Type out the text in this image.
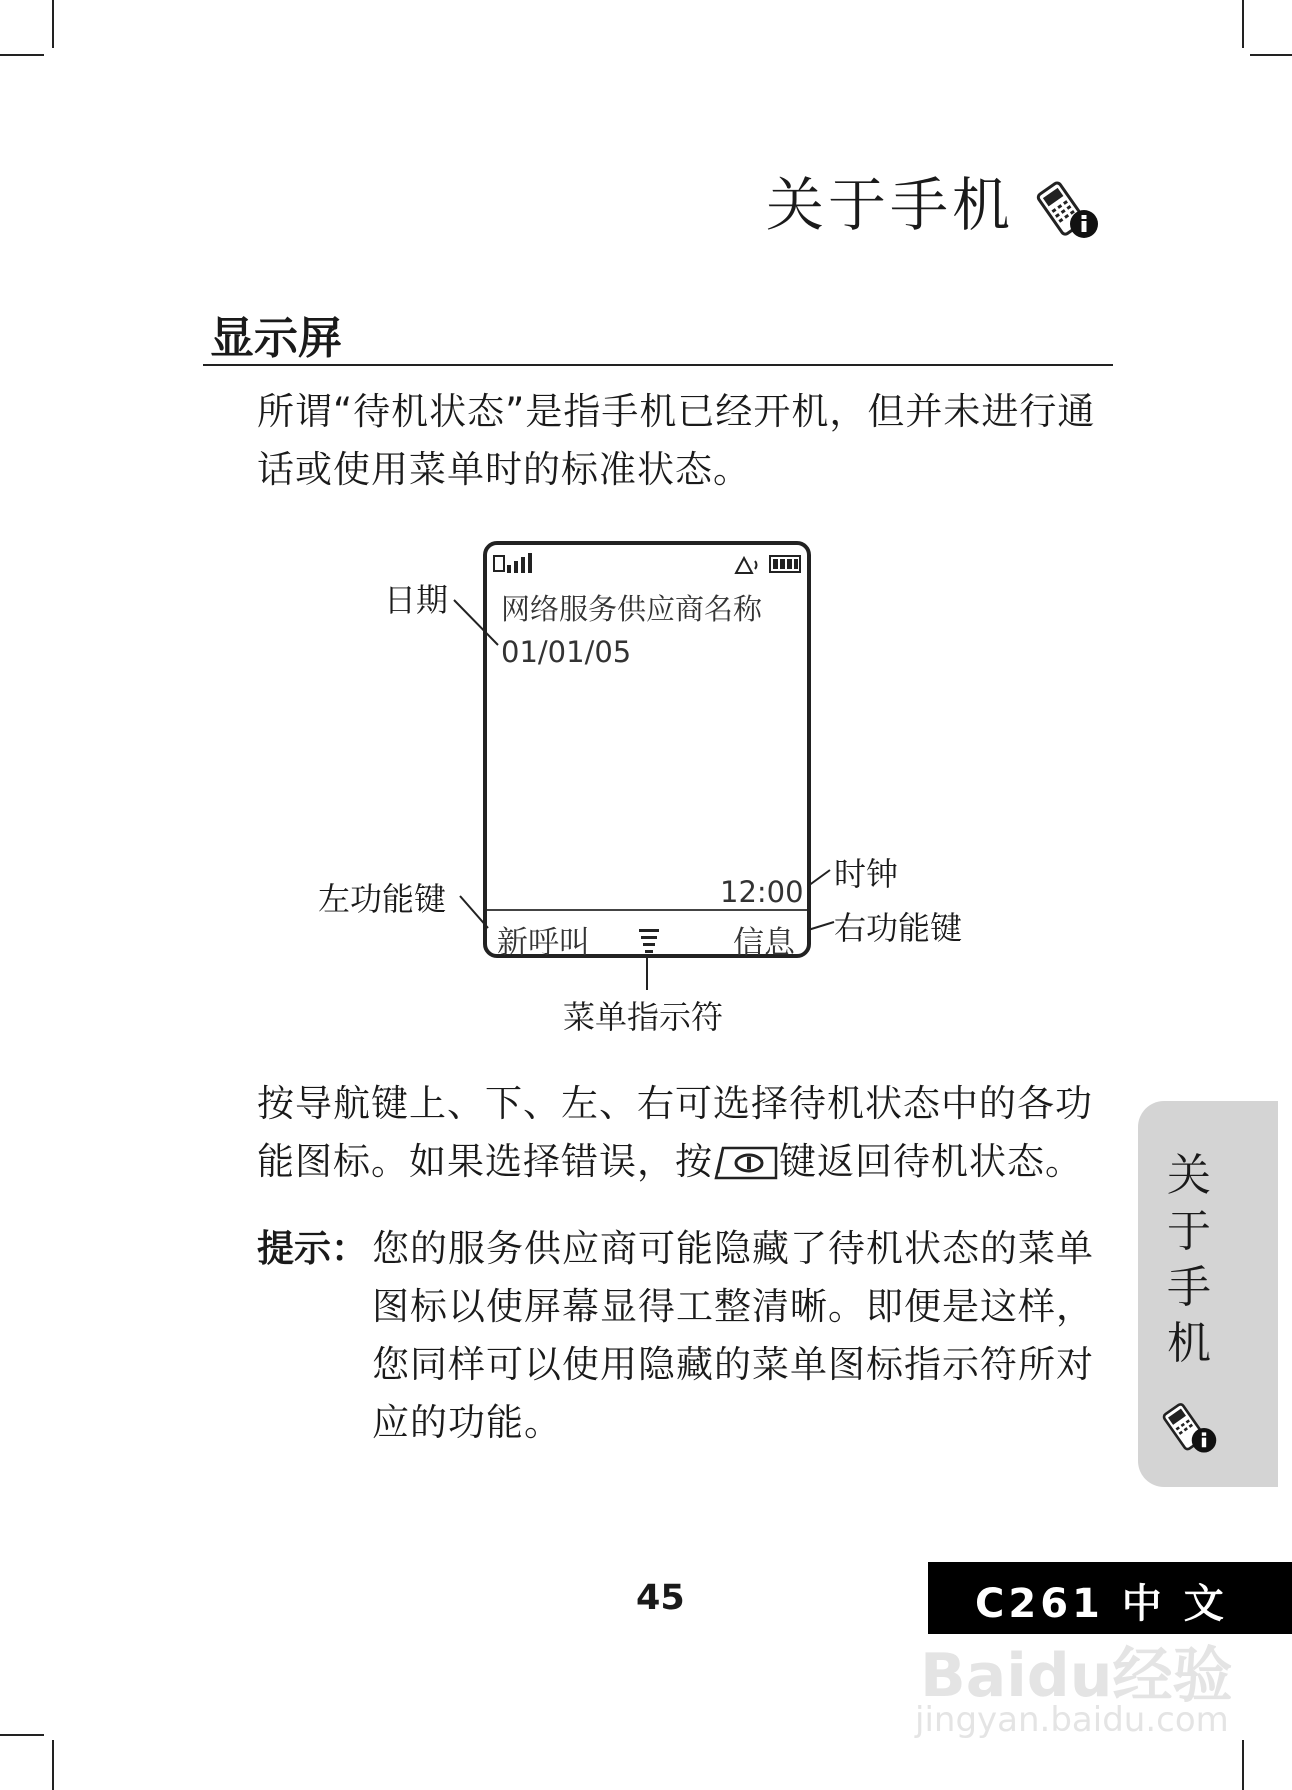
关于手机
显示屏
所谓“待机状态”是指手机已经开机，但并未进行通话或使用菜单时的标准状态。
网络服务供应商名称
01/01/05
12:00
新呼叫	信息
日期
时钟
左功能键
右功能键
菜单指示符
按导航键上、下、左、右可选择待机状态中的各功能图标。如果选择错误，按 键返回待机状态。
提示： 您的服务供应商可能隐藏了待机状态的菜单图标以使屏幕显得工整清晰。即便是这样，您同样可以使用隐藏的菜单图标指示符所对应的功能。
关于手机
45	C261 中 文
Baidu经验
jingyan.baidu.com
